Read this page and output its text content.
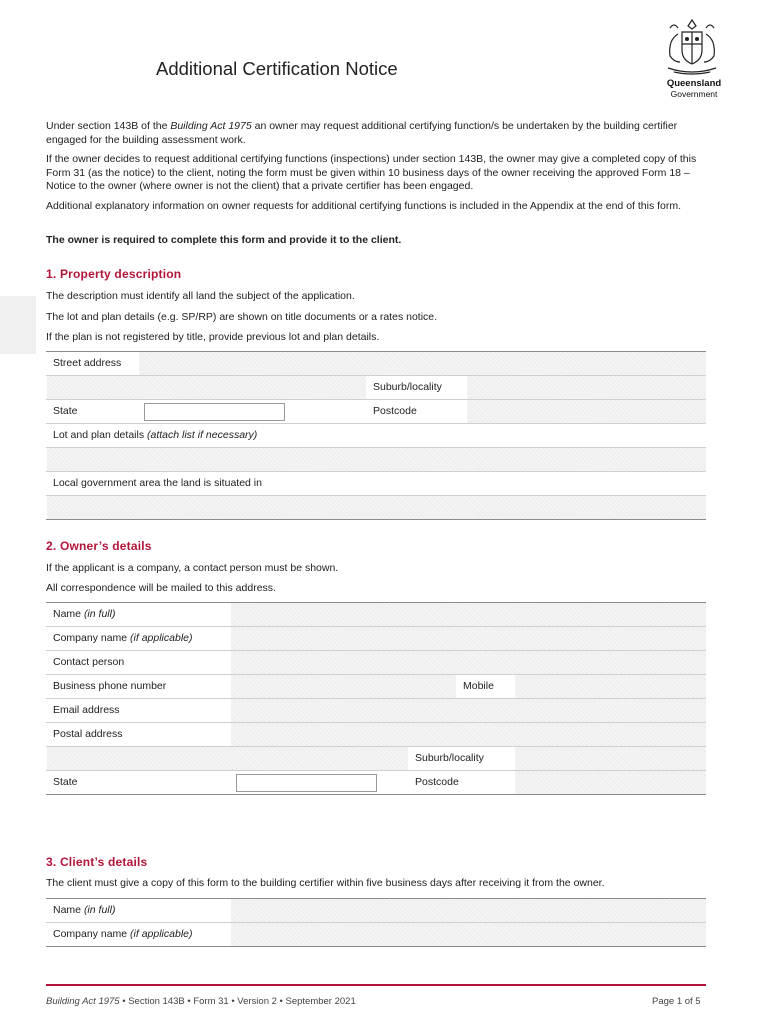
Queensland
Government
Additional Certification Notice
Under section 143B of the Building Act 1975 an owner may request additional certifying function/s be undertaken by the building certifier engaged for the building assessment work.
If the owner decides to request additional certifying functions (inspections) under section 143B, the owner may give a completed copy of this Form 31 (as the notice) to the client, noting the form must be given within 10 business days of the owner receiving the approved Form 18 – Notice to the owner (where owner is not the client) that a private certifier has been engaged.
Additional explanatory information on owner requests for additional certifying functions is included in the Appendix at the end of this form.
The owner is required to complete this form and provide it to the client.
1. Property description
The description must identify all land the subject of the application.
The lot and plan details (e.g. SP/RP) are shown on title documents or a rates notice.
If the plan is not registered by title, provide previous lot and plan details.
Street address
Suburb/locality
State	Postcode
Lot and plan details (attach list if necessary)
Local government area the land is situated in
2. Owner’s details
If the applicant is a company, a contact person must be shown.
All correspondence will be mailed to this address.
Name (in full)
Company name (if applicable)
Contact person
Business phone number	Mobile
Email address
Postal address
Suburb/locality
State	Postcode
3. Client’s details
The client must give a copy of this form to the building certifier within five business days after receiving it from the owner.
Name (in full)
Company name (if applicable)
Building Act 1975 • Section 143B • Form 31 • Version 2 • September 2021	Page 1 of 5
